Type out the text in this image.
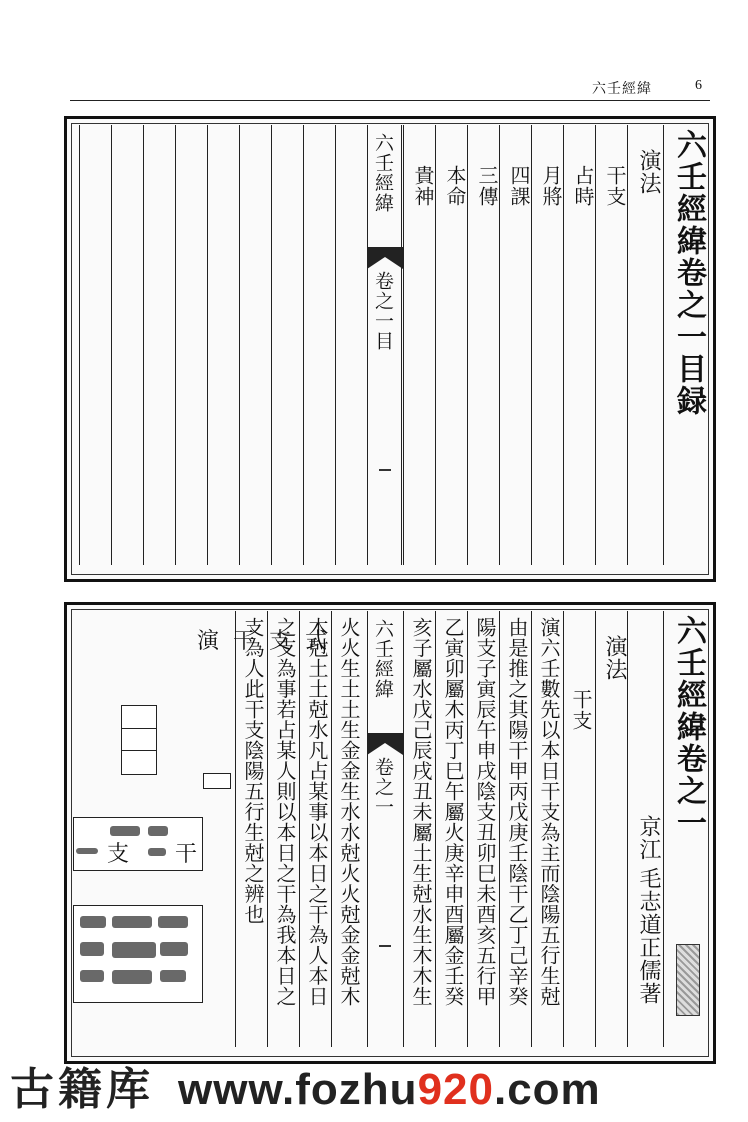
六壬經緯	6
六壬經緯卷之一目録
演法
干支
占時
月將
四課
三傳
本命
貴神
六壬經緯
卷之一目
六壬經緯卷之一
京江
毛志道正儒著
演法
干支
演六壬數先以本日干支為主而陰陽五行生尅
由是推之其陽干甲丙戊庚壬陰干乙丁己辛癸
陽支子寅辰午申戌陰支丑卯巳未酉亥五行甲
乙寅卯屬木丙丁巳午屬火庚辛申酉屬金壬癸
亥子屬水戊己辰戌丑未屬土生尅水生木木生
六壬經緯
卷之一
火火生土土生金金生水水尅火火尅金金尅木
木尅土土尅水凡占某事以本日之干為人本日
之支為事若占某人則以本日之干為我本日之
支為人此干支陰陽五行生尅之辨也
演干支式
支 干
古籍库 www.fozhu920.com
